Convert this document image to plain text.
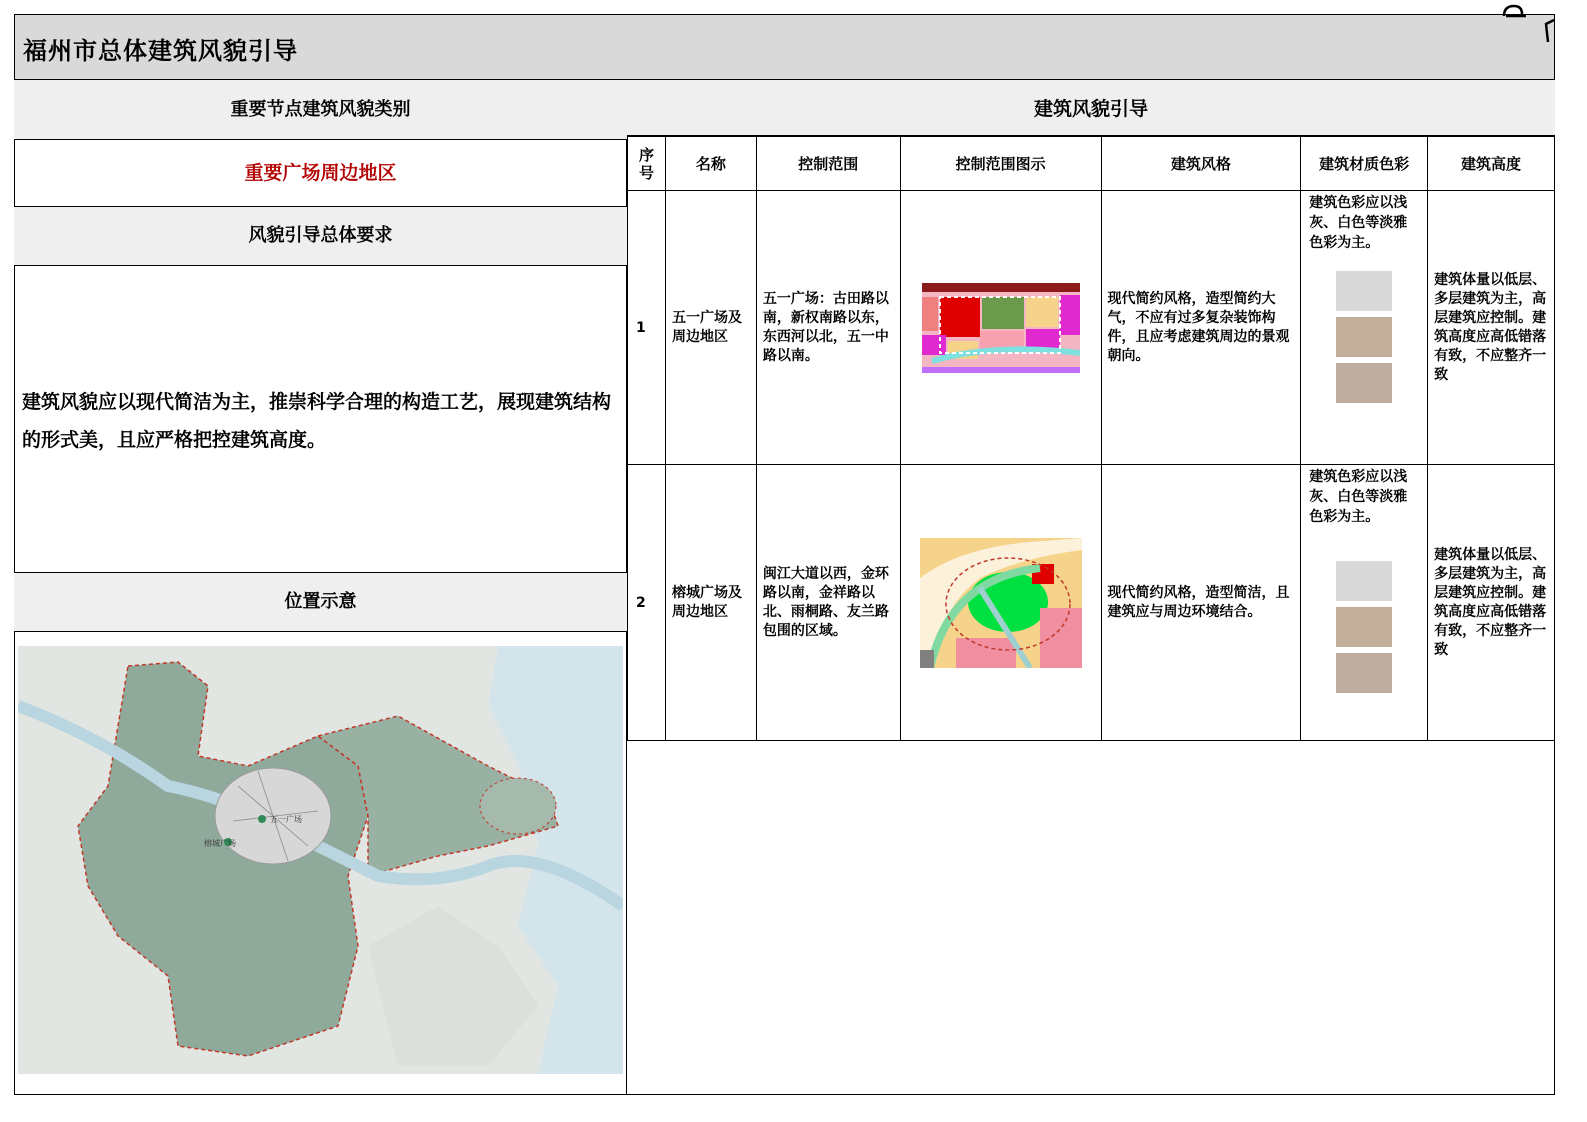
福州市总体建筑风貌引导
重要节点建筑风貌类别
重要广场周边地区
风貌引导总体要求
建筑风貌应以现代简洁为主，推崇科学合理的构造工艺，展现建筑结构的形式美，且应严格把控建筑高度。
位置示意
五一广场
榕城广场
建筑风貌引导
序号	名称	控制范围	控制范围图示	建筑风格	建筑材质色彩	建筑高度
1	五一广场及周边地区	五一广场：古田路以南，新权南路以东，东西河以北，五一中路以南。		现代简约风格，造型简约大气，不应有过多复杂装饰构件，且应考虑建筑周边的景观朝向。	建筑色彩应以浅灰、白色等淡雅色彩为主。	建筑体量以低层、多层建筑为主，高层建筑应控制。建筑高度应高低错落有致，不应整齐一致

2	榕城广场及周边地区	闽江大道以西，金环路以南，金祥路以北、雨桐路、友兰路包围的区域。		现代简约风格，造型简洁，且建筑应与周边环境结合。	建筑色彩应以浅灰、白色等淡雅色彩为主。	建筑体量以低层、多层建筑为主，高层建筑应控制。建筑高度应高低错落有致，不应整齐一致
